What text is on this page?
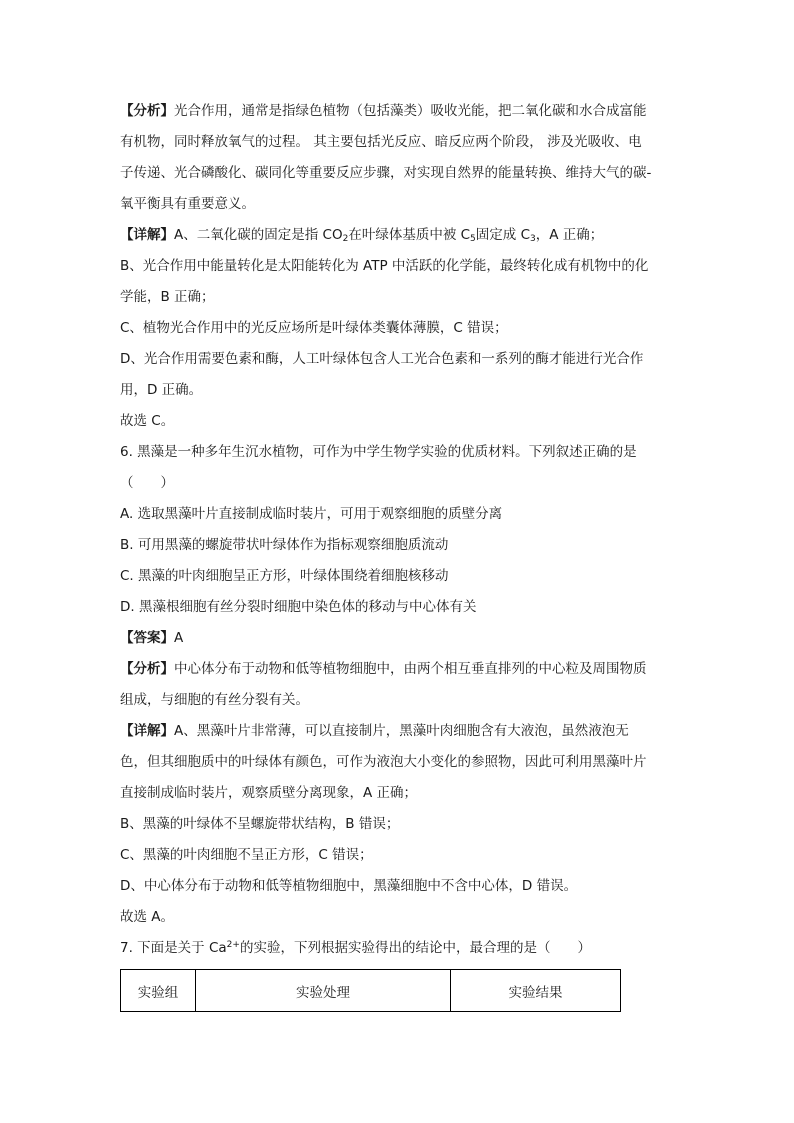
【分析】光合作用，通常是指绿色植物（包括藻类）吸收光能，把二氧化碳和水合成富能
有机物，同时释放氧气的过程。 其主要包括光反应、暗反应两个阶段， 涉及光吸收、电
子传递、光合磷酸化、碳同化等重要反应步骤，对实现自然界的能量转换、维持大气的碳-
氧平衡具有重要意义。
【详解】A、二氧化碳的固定是指 $CO_2$在叶绿体基质中被 $C_5$固定成 $C_3$，A 正确；
B、光合作用中能量转化是太阳能转化为 ATP 中活跃的化学能，最终转化成有机物中的化
学能，B 正确；
C、植物光合作用中的光反应场所是叶绿体类囊体薄膜，C 错误；
D、光合作用需要色素和酶，人工叶绿体包含人工光合色素和一系列的酶才能进行光合作
用，D 正确。
故选 C。
6. 黑藻是一种多年生沉水植物，可作为中学生物学实验的优质材料。下列叙述正确的是
（　　）
A. 选取黑藻叶片直接制成临时装片，可用于观察细胞的质壁分离
B. 可用黑藻的螺旋带状叶绿体作为指标观察细胞质流动
C. 黑藻的叶肉细胞呈正方形，叶绿体围绕着细胞核移动
D. 黑藻根细胞有丝分裂时细胞中染色体的移动与中心体有关
【答案】A
【分析】中心体分布于动物和低等植物细胞中，由两个相互垂直排列的中心粒及周围物质
组成，与细胞的有丝分裂有关。
【详解】A、黑藻叶片非常薄，可以直接制片，黑藻叶肉细胞含有大液泡，虽然液泡无
色，但其细胞质中的叶绿体有颜色，可作为液泡大小变化的参照物，因此可利用黑藻叶片
直接制成临时装片，观察质壁分离现象，A 正确；
B、黑藻的叶绿体不呈螺旋带状结构，B 错误；
C、黑藻的叶肉细胞不呈正方形，C 错误；
D、中心体分布于动物和低等植物细胞中，黑藻细胞中不含中心体，D 错误。
故选 A。
7. 下面是关于 $Ca^{2+}$的实验，下列根据实验得出的结论中，最合理的是（　　）
实验组	实验处理	实验结果
